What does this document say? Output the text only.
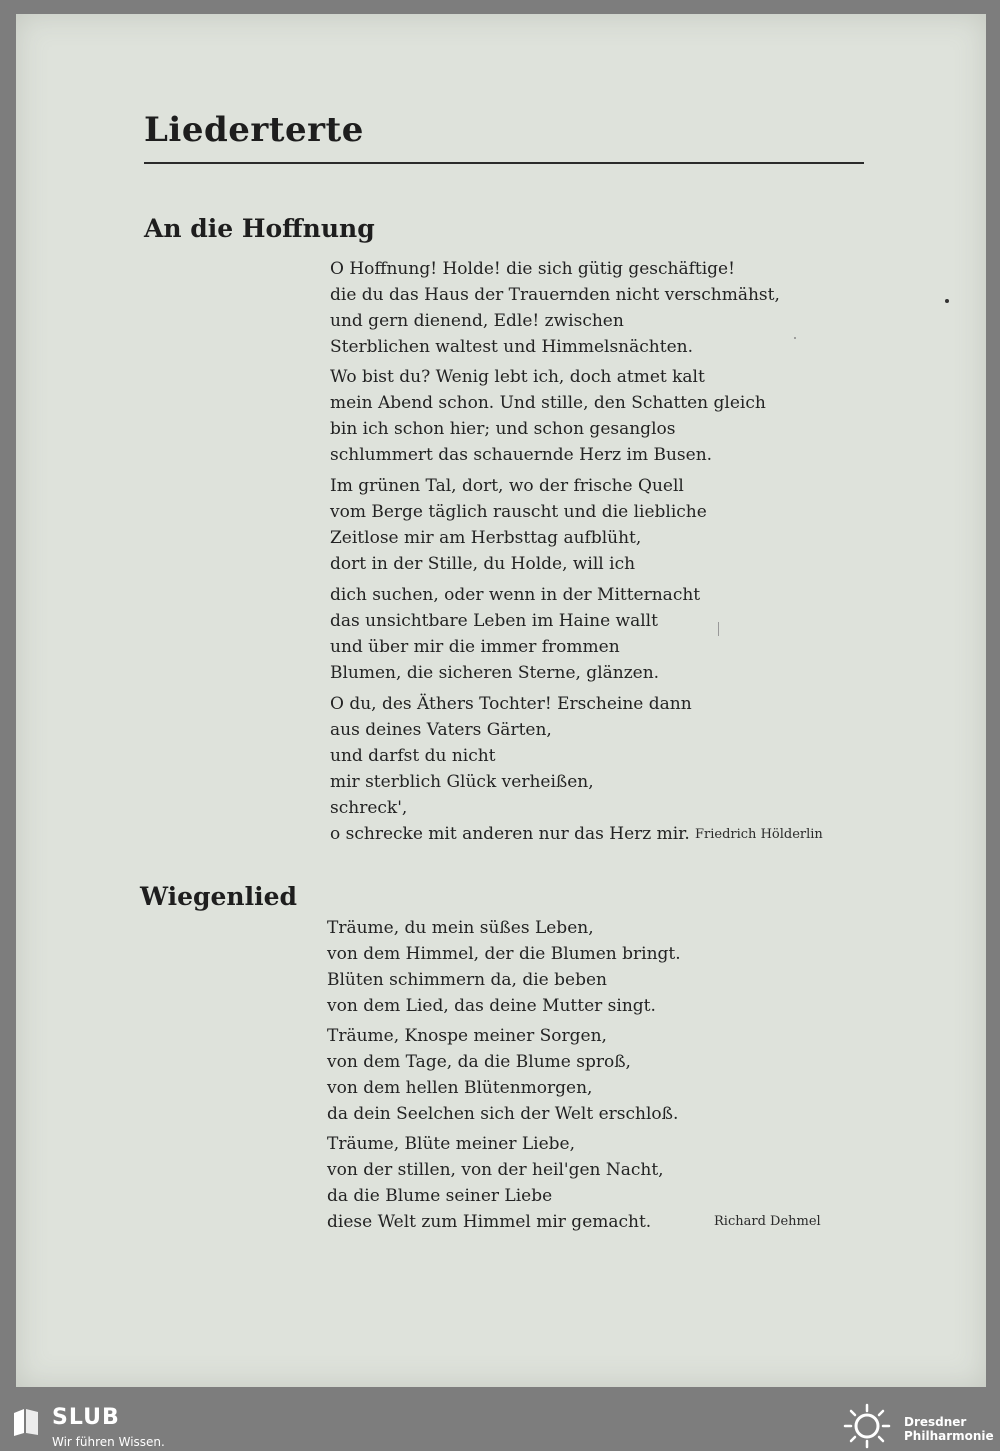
Liederterte
An die Hoffnung
O Hoffnung! Holde! die sich gütig geschäftige!
die du das Haus der Trauernden nicht verschmähst,
und gern dienend, Edle! zwischen
Sterblichen waltest und Himmelsnächten.
Wo bist du? Wenig lebt ich, doch atmet kalt
mein Abend schon. Und stille, den Schatten gleich
bin ich schon hier; und schon gesanglos
schlummert das schauernde Herz im Busen.
Im grünen Tal, dort, wo der frische Quell
vom Berge täglich rauscht und die liebliche
Zeitlose mir am Herbsttag aufblüht,
dort in der Stille, du Holde, will ich
dich suchen, oder wenn in der Mitternacht
das unsichtbare Leben im Haine wallt
und über mir die immer frommen
Blumen, die sicheren Sterne, glänzen.
O du, des Äthers Tochter! Erscheine dann
aus deines Vaters Gärten,
und darfst du nicht
mir sterblich Glück verheißen,
schreck',
o schrecke mit anderen nur das Herz mir. Friedrich Hölderlin
Wiegenlied
Träume, du mein süßes Leben,
von dem Himmel, der die Blumen bringt.
Blüten schimmern da, die beben
von dem Lied, das deine Mutter singt.
Träume, Knospe meiner Sorgen,
von dem Tage, da die Blume sproß,
von dem hellen Blütenmorgen,
da dein Seelchen sich der Welt erschloß.
Träume, Blüte meiner Liebe,
von der stillen, von der heil'gen Nacht,
da die Blume seiner Liebe
diese Welt zum Himmel mir gemacht.	Richard Dehmel
SLUB
Wir führen Wissen.
Dresdner
Philharmonie
